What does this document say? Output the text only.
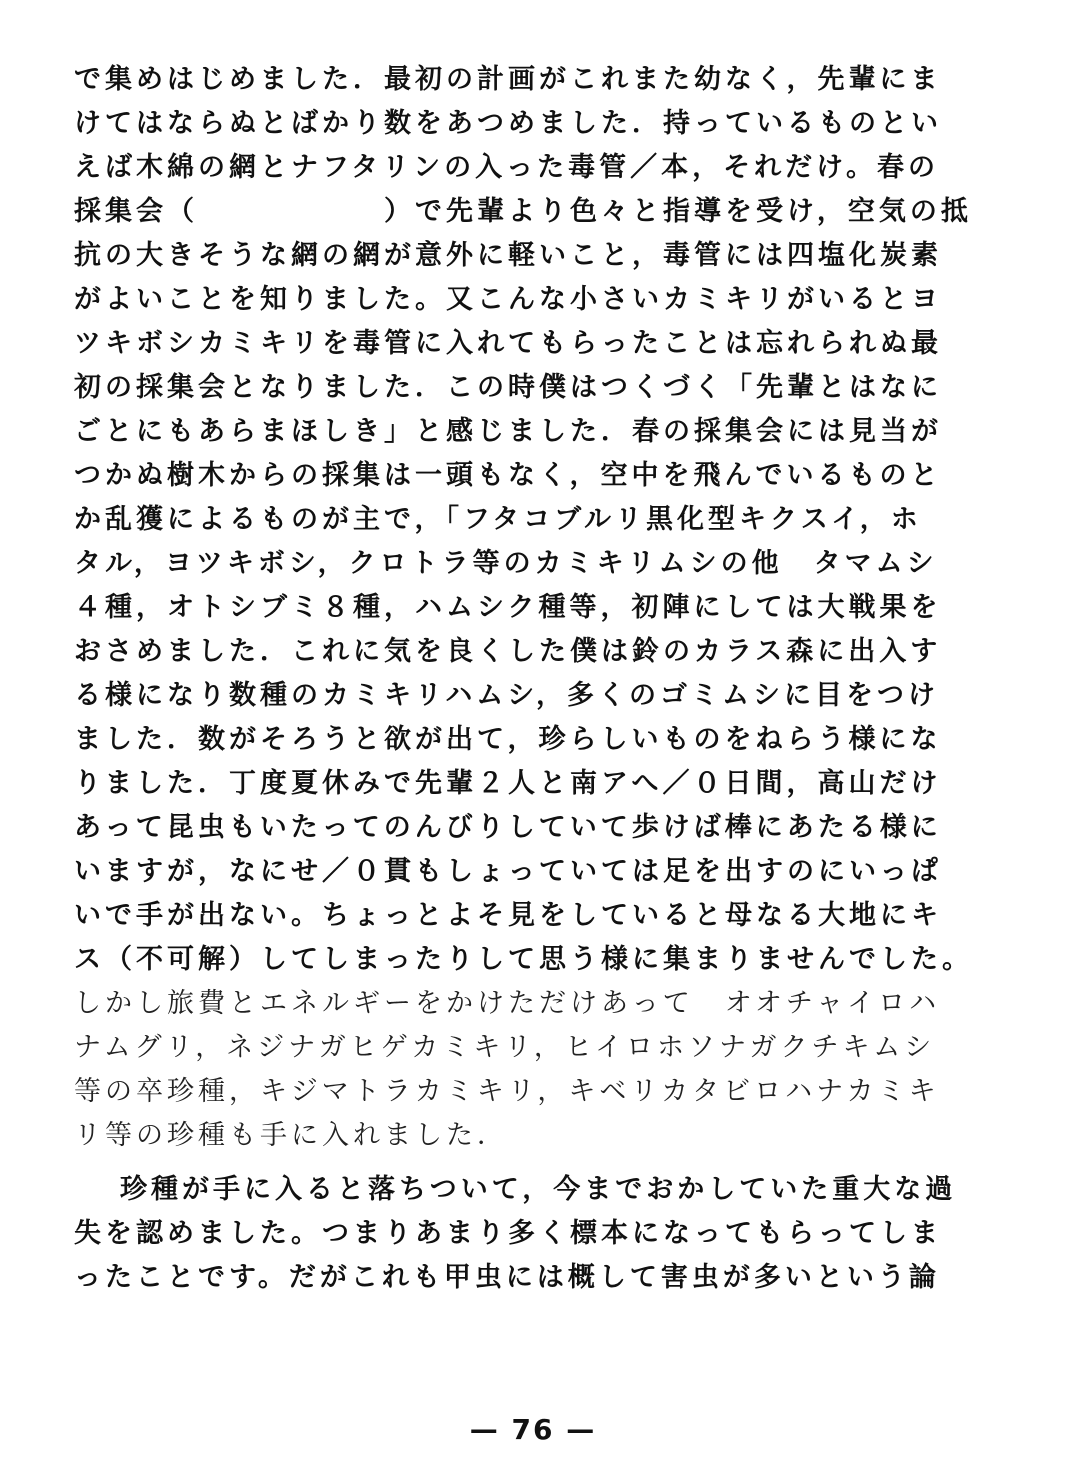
で集めはじめました．最初の計画がこれまた幼なく，先輩にま
けてはならぬとばかり数をあつめました．持っているものとい
えば木綿の網とナフタリンの入った毒管／本，それだけ。春の
採集会（　　　　　　）で先輩より色々と指導を受け，空気の抵
抗の大きそうな網の網が意外に軽いこと，毒管には四塩化炭素
がよいことを知りました。又こんな小さいカミキリがいるとヨ
ツキボシカミキリを毒管に入れてもらったことは忘れられぬ最
初の採集会となりました．この時僕はつくづく「先輩とはなに
ごとにもあらまほしき」と感じました．春の採集会には見当が
つかぬ樹木からの採集は一頭もなく，空中を飛んでいるものと
か乱獲によるものが主で，「フタコブルリ黒化型キクスイ，ホ
タル，ヨツキボシ，クロトラ等のカミキリムシの他　タマムシ
４種，オトシブミ８種，ハムシク種等，初陣にしては大戦果を
おさめました．これに気を良くした僕は鈴のカラス森に出入す
る様になり数種のカミキリハムシ，多くのゴミムシに目をつけ
ました．数がそろうと欲が出て，珍らしいものをねらう様にな
りました．丁度夏休みで先輩２人と南アへ／０日間，高山だけ
あって昆虫もいたってのんびりしていて歩けば棒にあたる様に
いますが，なにせ／０貫もしょっていては足を出すのにいっぱ
いで手が出ない。ちょっとよそ見をしていると母なる大地にキ
ス（不可解）してしまったりして思う様に集まりませんでした。
しかし旅費とエネルギーをかけただけあって　オオチャイロハ
ナムグリ，ネジナガヒゲカミキリ，ヒイロホソナガクチキムシ
等の卒珍種，キジマトラカミキリ，キベリカタビロハナカミキ
リ等の珍種も手に入れました．
珍種が手に入ると落ちついて，今までおかしていた重大な過
失を認めました。つまりあまり多く標本になってもらってしま
ったことです。だがこれも甲虫には概して害虫が多いという論
— 76 —
